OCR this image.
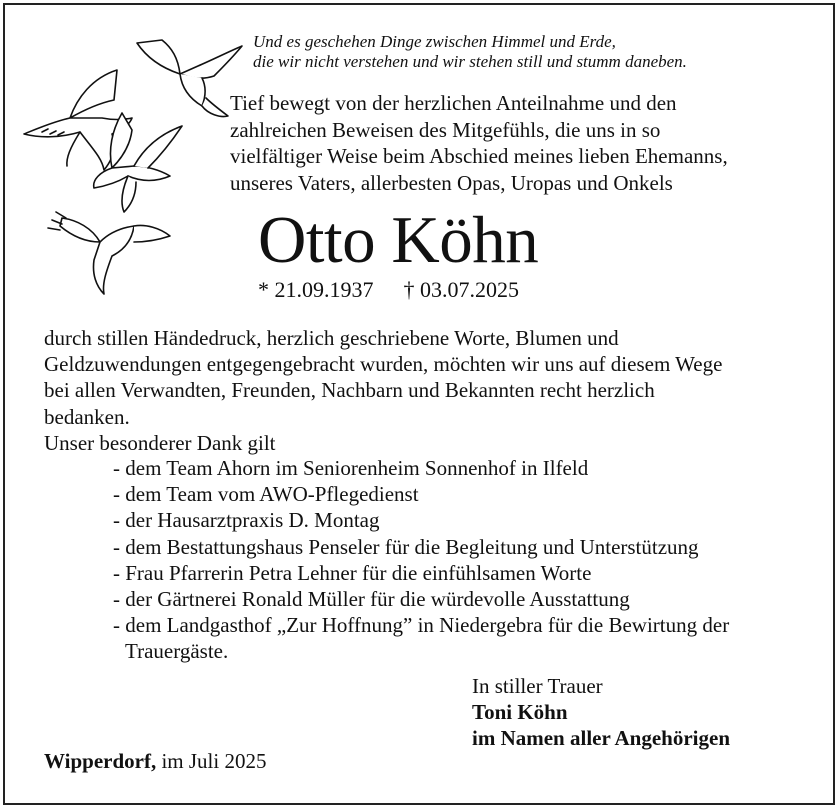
Und es geschehen Dinge zwischen Himmel und Erde,
die wir nicht verstehen und wir stehen still und stumm daneben.
Tief bewegt von der herzlichen Anteilnahme und den
zahlreichen Beweisen des Mitgefühls, die uns in so
vielfältiger Weise beim Abschied meines lieben Ehemanns,
unseres Vaters, allerbesten Opas, Uropas und Onkels
Otto Köhn
* 21.09.1937 † 03.07.2025
durch stillen Händedruck, herzlich geschriebene Worte, Blumen und
Geldzuwendungen entgegengebracht wurden, möchten wir uns auf diesem Wege
bei allen Verwandten, Freunden, Nachbarn und Bekannten recht herzlich
bedanken.
Unser besonderer Dank gilt
- dem Team Ahorn im Seniorenheim Sonnenhof in Ilfeld
- dem Team vom AWO-Pflegedienst
- der Hausarztpraxis D. Montag
- dem Bestattungshaus Penseler für die Begleitung und Unterstützung
- Frau Pfarrerin Petra Lehner für die einfühlsamen Worte
- der Gärtnerei Ronald Müller für die würdevolle Ausstattung
- dem Landgasthof „Zur Hoffnung” in Niedergebra für die Bewirtung der Trauergäste.
In stiller Trauer
Toni Köhn
im Namen aller Angehörigen
Wipperdorf, im Juli 2025
